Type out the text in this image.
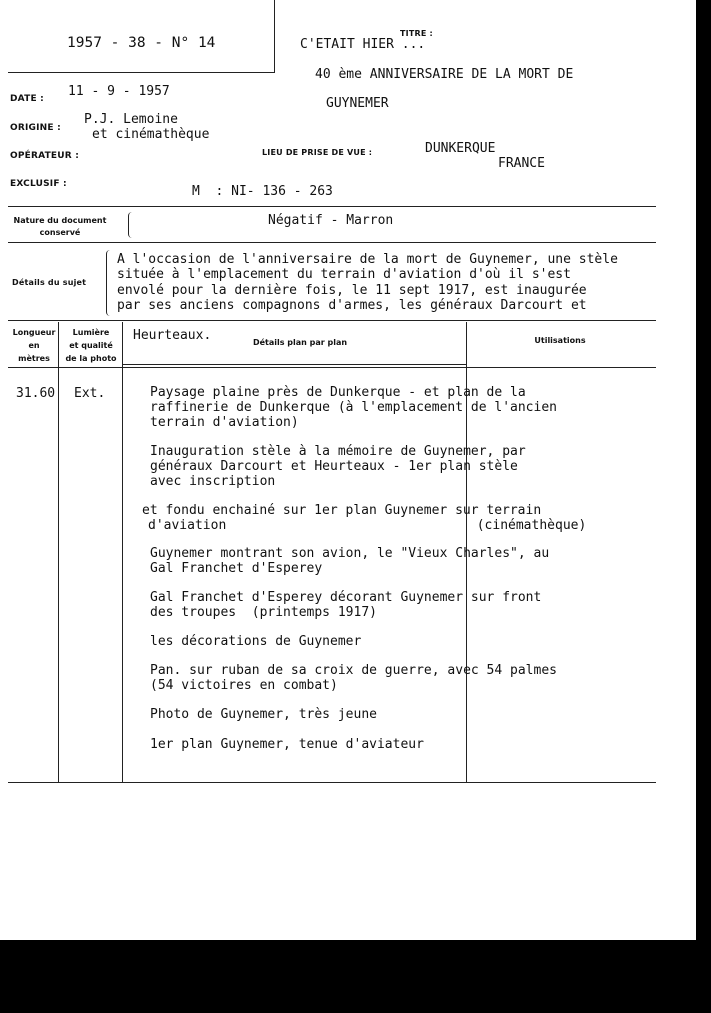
1957 - 38 - N° 14
TITRE :
C'ETAIT HIER ...
40 ème ANNIVERSAIRE DE LA MORT DE
GUYNEMER
DATE : 11 - 9 - 1957
ORIGINE :
P.J. Lemoine
et cinémathèque
OPÉRATEUR :	LIEU DE PRISE DE VUE :	DUNKERQUE
FRANCE
EXCLUSIF :	M  : NI- 136 - 263
Nature du document
conservé
Négatif - Marron
Détails du sujet
A l'occasion de l'anniversaire de la mort de Guynemer, une stèle
située à l'emplacement du terrain d'aviation d'où il s'est
envolé pour la dernière fois, le 11 sept 1917, est inaugurée
par ses anciens compagnons d'armes, les généraux Darcourt et
Longueur
en
mètres
Lumière
et qualité
de la photo
Heurteaux.	Détails plan par plan	Utilisations
31.60 Ext.	Paysage plaine près de Dunkerque - et plan de la
raffinerie de Dunkerque (à l'emplacement de l'ancien
terrain d'aviation)
Inauguration stèle à la mémoire de Guynemer, par
généraux Darcourt et Heurteaux - 1er plan stèle
avec inscription
et fondu enchainé sur 1er plan Guynemer sur terrain
d'aviation                                (cinémathèque)
Guynemer montrant son avion, le "Vieux Charles", au
Gal Franchet d'Esperey
Gal Franchet d'Esperey décorant Guynemer sur front
des troupes  (printemps 1917)
les décorations de Guynemer
Pan. sur ruban de sa croix de guerre, avec 54 palmes
(54 victoires en combat)
Photo de Guynemer, très jeune
1er plan Guynemer, tenue d'aviateur
